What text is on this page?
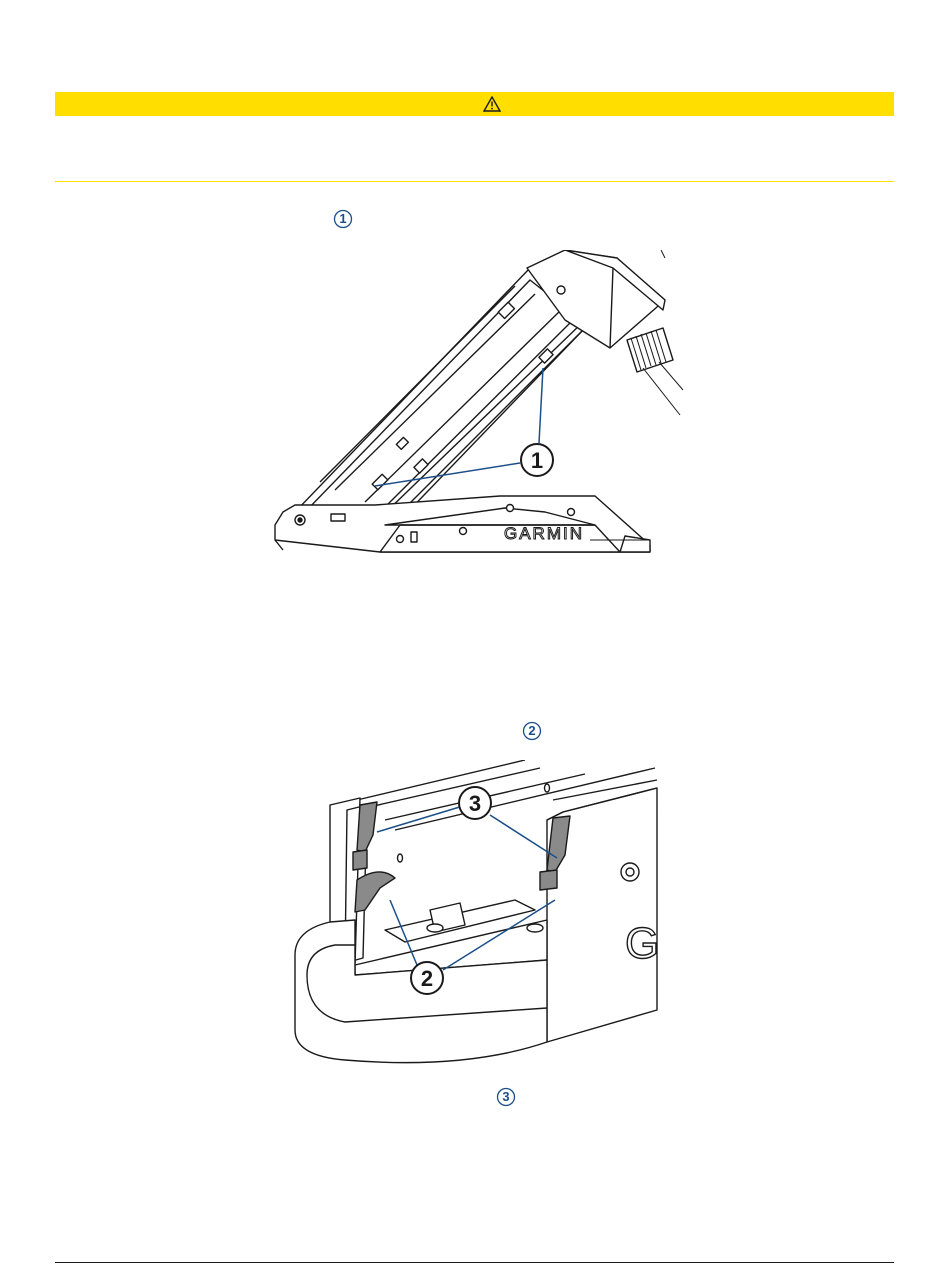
1
GARMIN
1
2
G
3
2
3
